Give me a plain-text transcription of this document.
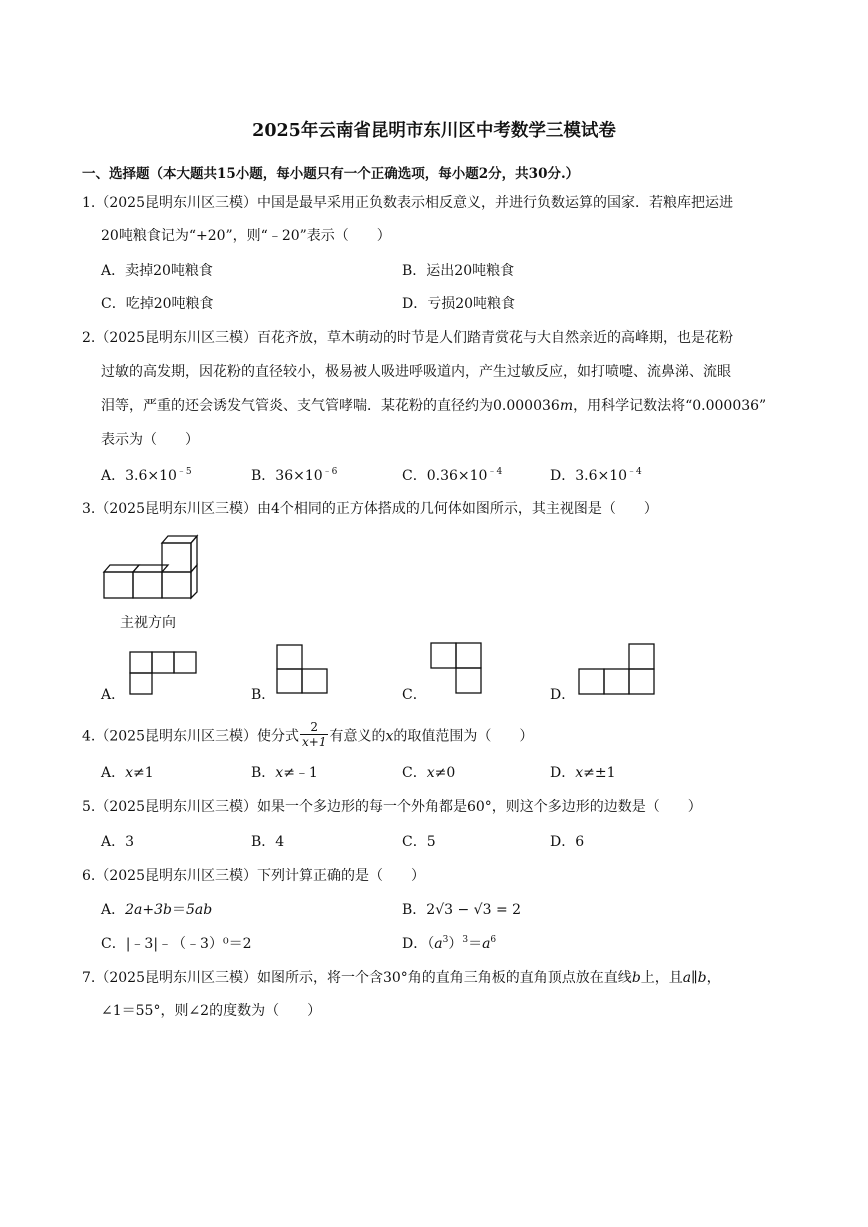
2025年云南省昆明市东川区中考数学三模试卷
一、选择题（本大题共15小题，每小题只有一个正确选项，每小题2分，共30分.）
1.（2025昆明东川区三模）中国是最早采用正负数表示相反意义，并进行负数运算的国家．若粮库把运进
20吨粮食记为“+20”，则“﹣20”表示（　　）
A．卖掉20吨粮食	B．运出20吨粮食
C．吃掉20吨粮食	D．亏损20吨粮食
2.（2025昆明东川区三模）百花齐放，草木萌动的时节是人们踏青赏花与大自然亲近的高峰期，也是花粉
过敏的高发期，因花粉的直径较小，极易被人吸进呼吸道内，产生过敏反应，如打喷嚏、流鼻涕、流眼
泪等，严重的还会诱发气管炎、支气管哮喘．某花粉的直径约为0.000036m，用科学记数法将“0.000036”
表示为（　　）
A．$3.6\times 10^{﹣5}$	B．$36\times 10^{﹣6}$	C．$0.36\times 10^{﹣4}$	D．$3.6\times 10^{﹣4}$
3.（2025昆明东川区三模）由4个相同的正方体搭成的几何体如图所示，其主视图是（　　）
主视方向
A．	B．	C．	D．
4.（2025昆明东川区三模）使分式 $\frac{2}{x+1}$ 有意义的x的取值范围为（　　）
A．x≠1	B．x≠﹣1	C．x≠0	D．x≠±1
5.（2025昆明东川区三模）如果一个多边形的每一个外角都是60°，则这个多边形的边数是（　　）
A．3	B．4	C．5	D．6
6.（2025昆明东川区三模）下列计算正确的是（　　）
A．2a+3b＝5ab	B．2√3 − √3 = 2
C．|﹣3|﹣（﹣3）⁰＝2	D．$(a^3)^3=a^6$
7.（2025昆明东川区三模）如图所示，将一个含30°角的直角三角板的直角顶点放在直线b上，且a∥b，
∠1＝55°，则∠2的度数为（　　）
